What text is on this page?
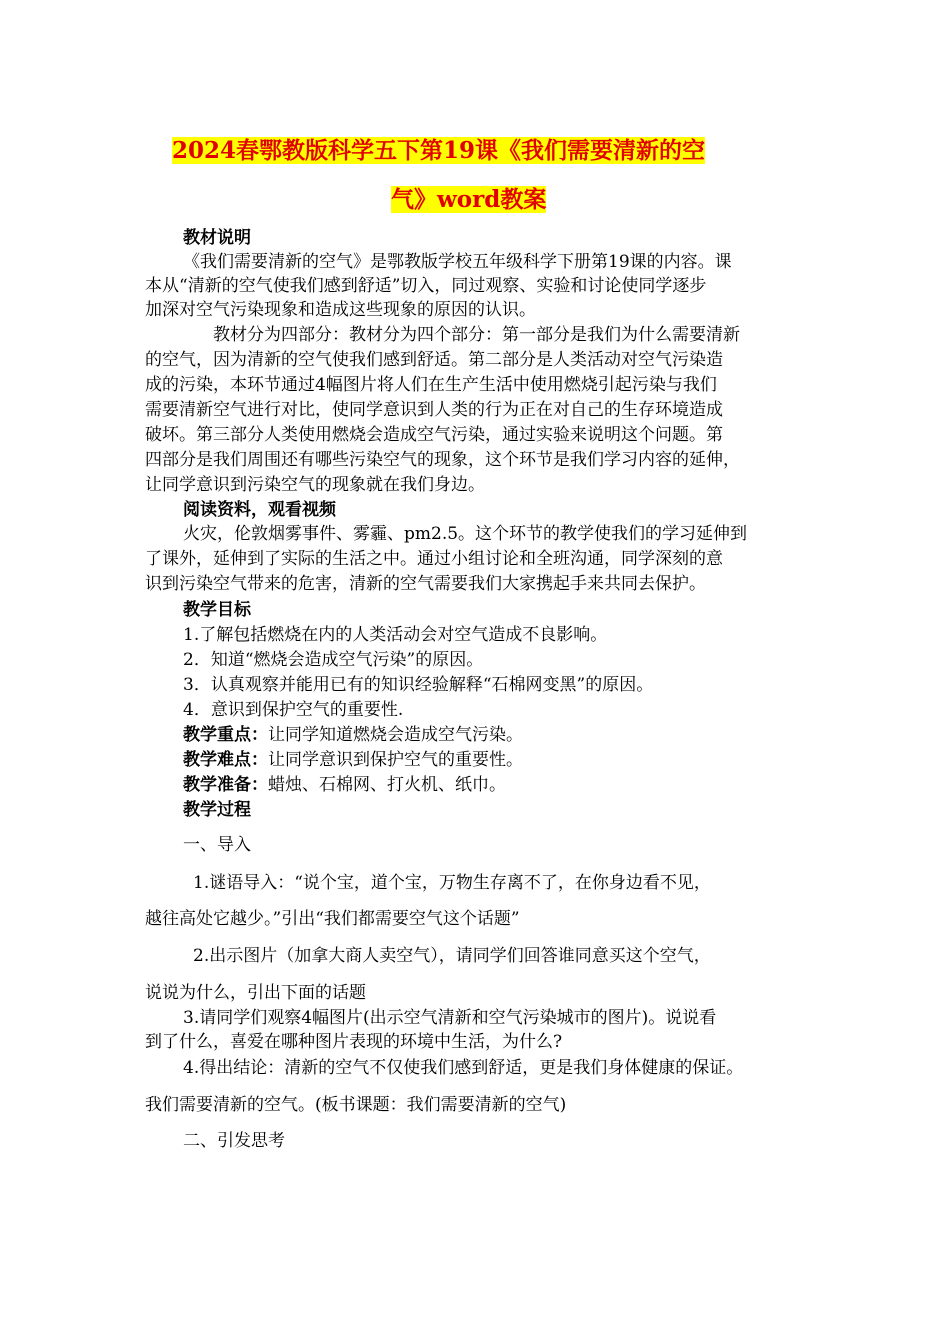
2024春鄂教版科学五下第19课《我们需要清新的空
气》word教案
教材说明
《我们需要清新的空气》是鄂教版学校五年级科学下册第19课的内容。课
本从“清新的空气使我们感到舒适”切入，同过观察、实验和讨论使同学逐步
加深对空气污染现象和造成这些现象的原因的认识。
教材分为四部分：教材分为四个部分：第一部分是我们为什么需要清新
的空气，因为清新的空气使我们感到舒适。第二部分是人类活动对空气污染造
成的污染，本环节通过4幅图片将人们在生产生活中使用燃烧引起污染与我们
需要清新空气进行对比，使同学意识到人类的行为正在对自己的生存环境造成
破坏。第三部分人类使用燃烧会造成空气污染，通过实验来说明这个问题。第
四部分是我们周围还有哪些污染空气的现象，这个环节是我们学习内容的延伸，
让同学意识到污染空气的现象就在我们身边。
阅读资料，观看视频
火灾，伦敦烟雾事件、雾霾、pm2.5。这个环节的教学使我们的学习延伸到
了课外，延伸到了实际的生活之中。通过小组讨论和全班沟通，同学深刻的意
识到污染空气带来的危害，清新的空气需要我们大家携起手来共同去保护。
教学目标
1.了解包括燃烧在内的人类活动会对空气造成不良影响。
2．知道“燃烧会造成空气污染”的原因。
3．认真观察并能用已有的知识经验解释“石棉网变黑”的原因。
4．意识到保护空气的重要性.
教学重点：让同学知道燃烧会造成空气污染。
教学难点：让同学意识到保护空气的重要性。
教学准备：蜡烛、石棉网、打火机、纸巾。
教学过程
一、导入
1.谜语导入：“说个宝，道个宝，万物生存离不了，在你身边看不见，
越往高处它越少。”引出“我们都需要空气这个话题”
2.出示图片（加拿大商人卖空气），请同学们回答谁同意买这个空气，
说说为什么，引出下面的话题
3.请同学们观察4幅图片(出示空气清新和空气污染城市的图片)。说说看
到了什么，喜爱在哪种图片表现的环境中生活，为什么?
4.得出结论：清新的空气不仅使我们感到舒适，更是我们身体健康的保证。
我们需要清新的空气。(板书课题：我们需要清新的空气)
二、引发思考
